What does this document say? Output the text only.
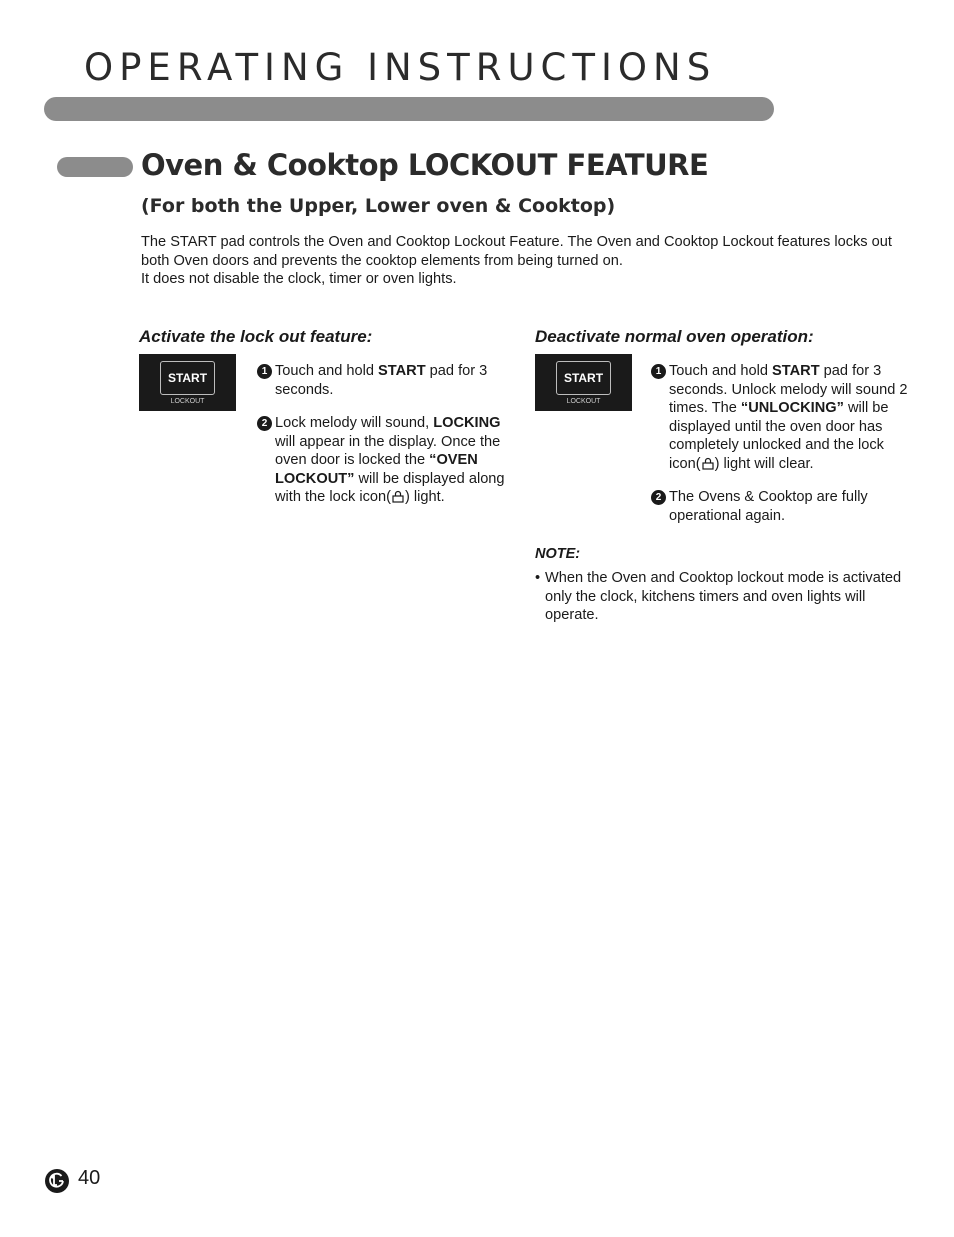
OPERATING INSTRUCTIONS
Oven & Cooktop LOCKOUT FEATURE
(For both the Upper, Lower oven & Cooktop)

The START pad controls the Oven and Cooktop Lockout Feature. The Oven and Cooktop Lockout features locks out both Oven doors and prevents the cooktop elements from being turned on.

It does not disable the clock, timer or oven lights.

Activate the lock out feature:
START
LOCKOUT
1 Touch and hold START pad for 3 seconds.
2 Lock melody will sound, LOCKING will appear in the display. Once the oven door is locked the “OVEN LOCKOUT” will be displayed along with the lock icon( ) light.
Deactivate normal oven operation:
START
LOCKOUT
1 Touch and hold START pad for 3 seconds. Unlock melody will sound 2 times. The “UNLOCKING” will be displayed until the oven door has completely unlocked and the lock icon( ) light will clear.
2 The Ovens & Cooktop are fully operational again.
NOTE:
• When the Oven and Cooktop lockout mode is activated only the clock, kitchens timers and oven lights will operate.
40
